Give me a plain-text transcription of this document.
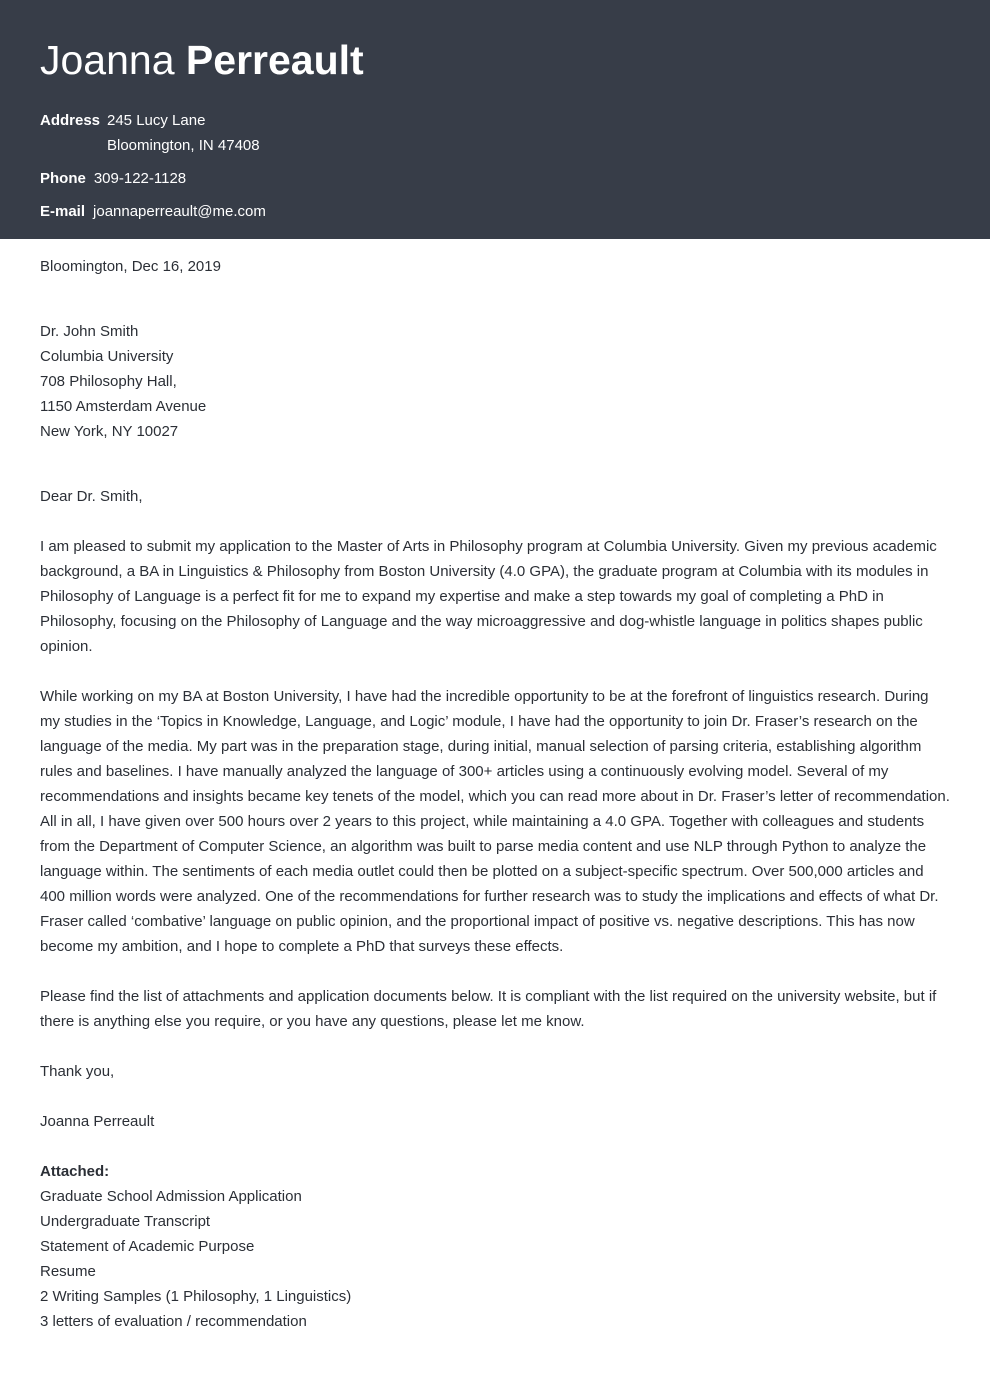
Joanna Perreault
Address 245 Lucy Lane
Bloomington, IN 47408
Phone 309-122-1128
E-mail joannaperreault@me.com
Bloomington, Dec 16, 2019
Dr. John Smith
Columbia University
708 Philosophy Hall,
1150 Amsterdam Avenue
New York, NY 10027
Dear Dr. Smith,

I am pleased to submit my application to the Master of Arts in Philosophy program at Columbia University. Given my previous academic background, a BA in Linguistics & Philosophy from Boston University (4.0 GPA), the graduate program at Columbia with its modules in Philosophy of Language is a perfect fit for me to expand my expertise and make a step towards my goal of completing a PhD in Philosophy, focusing on the Philosophy of Language and the way microaggressive and dog-whistle language in politics shapes public opinion.

While working on my BA at Boston University, I have had the incredible opportunity to be at the forefront of linguistics research. During my studies in the ‘Topics in Knowledge, Language, and Logic’ module, I have had the opportunity to join Dr. Fraser’s research on the language of the media. My part was in the preparation stage, during initial, manual selection of parsing criteria, establishing algorithm rules and baselines. I have manually analyzed the language of 300+ articles using a continuously evolving model. Several of my recommendations and insights became key tenets of the model, which you can read more about in Dr. Fraser’s letter of recommendation. All in all, I have given over 500 hours over 2 years to this project, while maintaining a 4.0 GPA. Together with colleagues and students from the Department of Computer Science, an algorithm was built to parse media content and use NLP through Python to analyze the language within. The sentiments of each media outlet could then be plotted on a subject-specific spectrum. Over 500,000 articles and 400 million words were analyzed. One of the recommendations for further research was to study the implications and effects of what Dr. Fraser called ‘combative’ language on public opinion, and the proportional impact of positive vs. negative descriptions. This has now become my ambition, and I hope to complete a PhD that surveys these effects.

Please find the list of attachments and application documents below. It is compliant with the list required on the university website, but if there is anything else you require, or you have any questions, please let me know.

Thank you,
Joanna Perreault
Attached:
Graduate School Admission Application
Undergraduate Transcript
Statement of Academic Purpose
Resume
2 Writing Samples (1 Philosophy, 1 Linguistics)
3 letters of evaluation / recommendation
